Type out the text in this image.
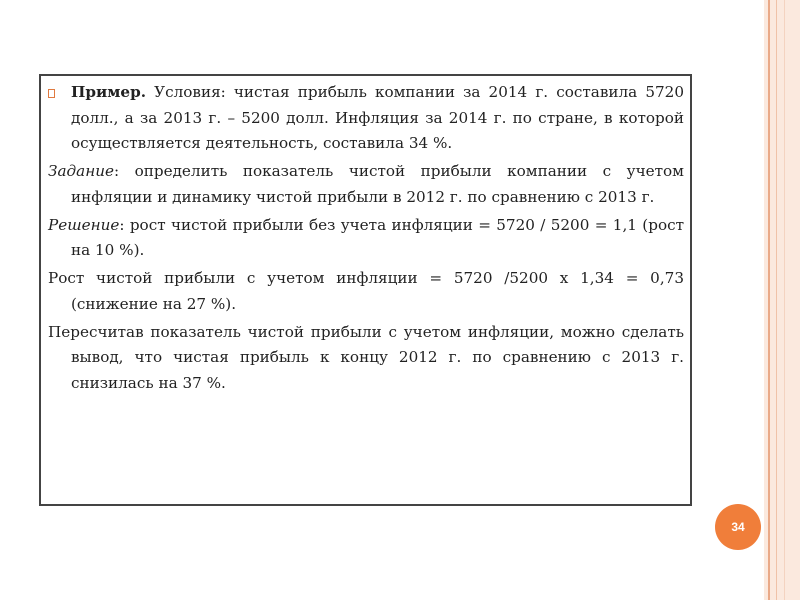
Пример. Условия: чистая прибыль компании за 2014 г. составила 5720 долл., а за 2013 г. – 5200 долл. Инфляция за 2014 г. по стране, в которой осуществляется деятельность, составила 34 %.

Задание: определить показатель чистой прибыли компании с учетом инфляции и динамику чистой прибыли в 2012 г. по сравнению с 2013 г.

Решение: рост чистой прибыли без учета инфляции = 5720 / 5200 = 1,1 (рост на 10 %).

Рост чистой прибыли с учетом инфляции = 5720 /5200 х 1,34 = 0,73 (снижение на 27 %).

Пересчитав показатель чистой прибыли с учетом инфляции, можно сделать вывод, что чистая прибыль к концу 2012 г. по сравнению с 2013 г. снизилась на 37 %.

34
